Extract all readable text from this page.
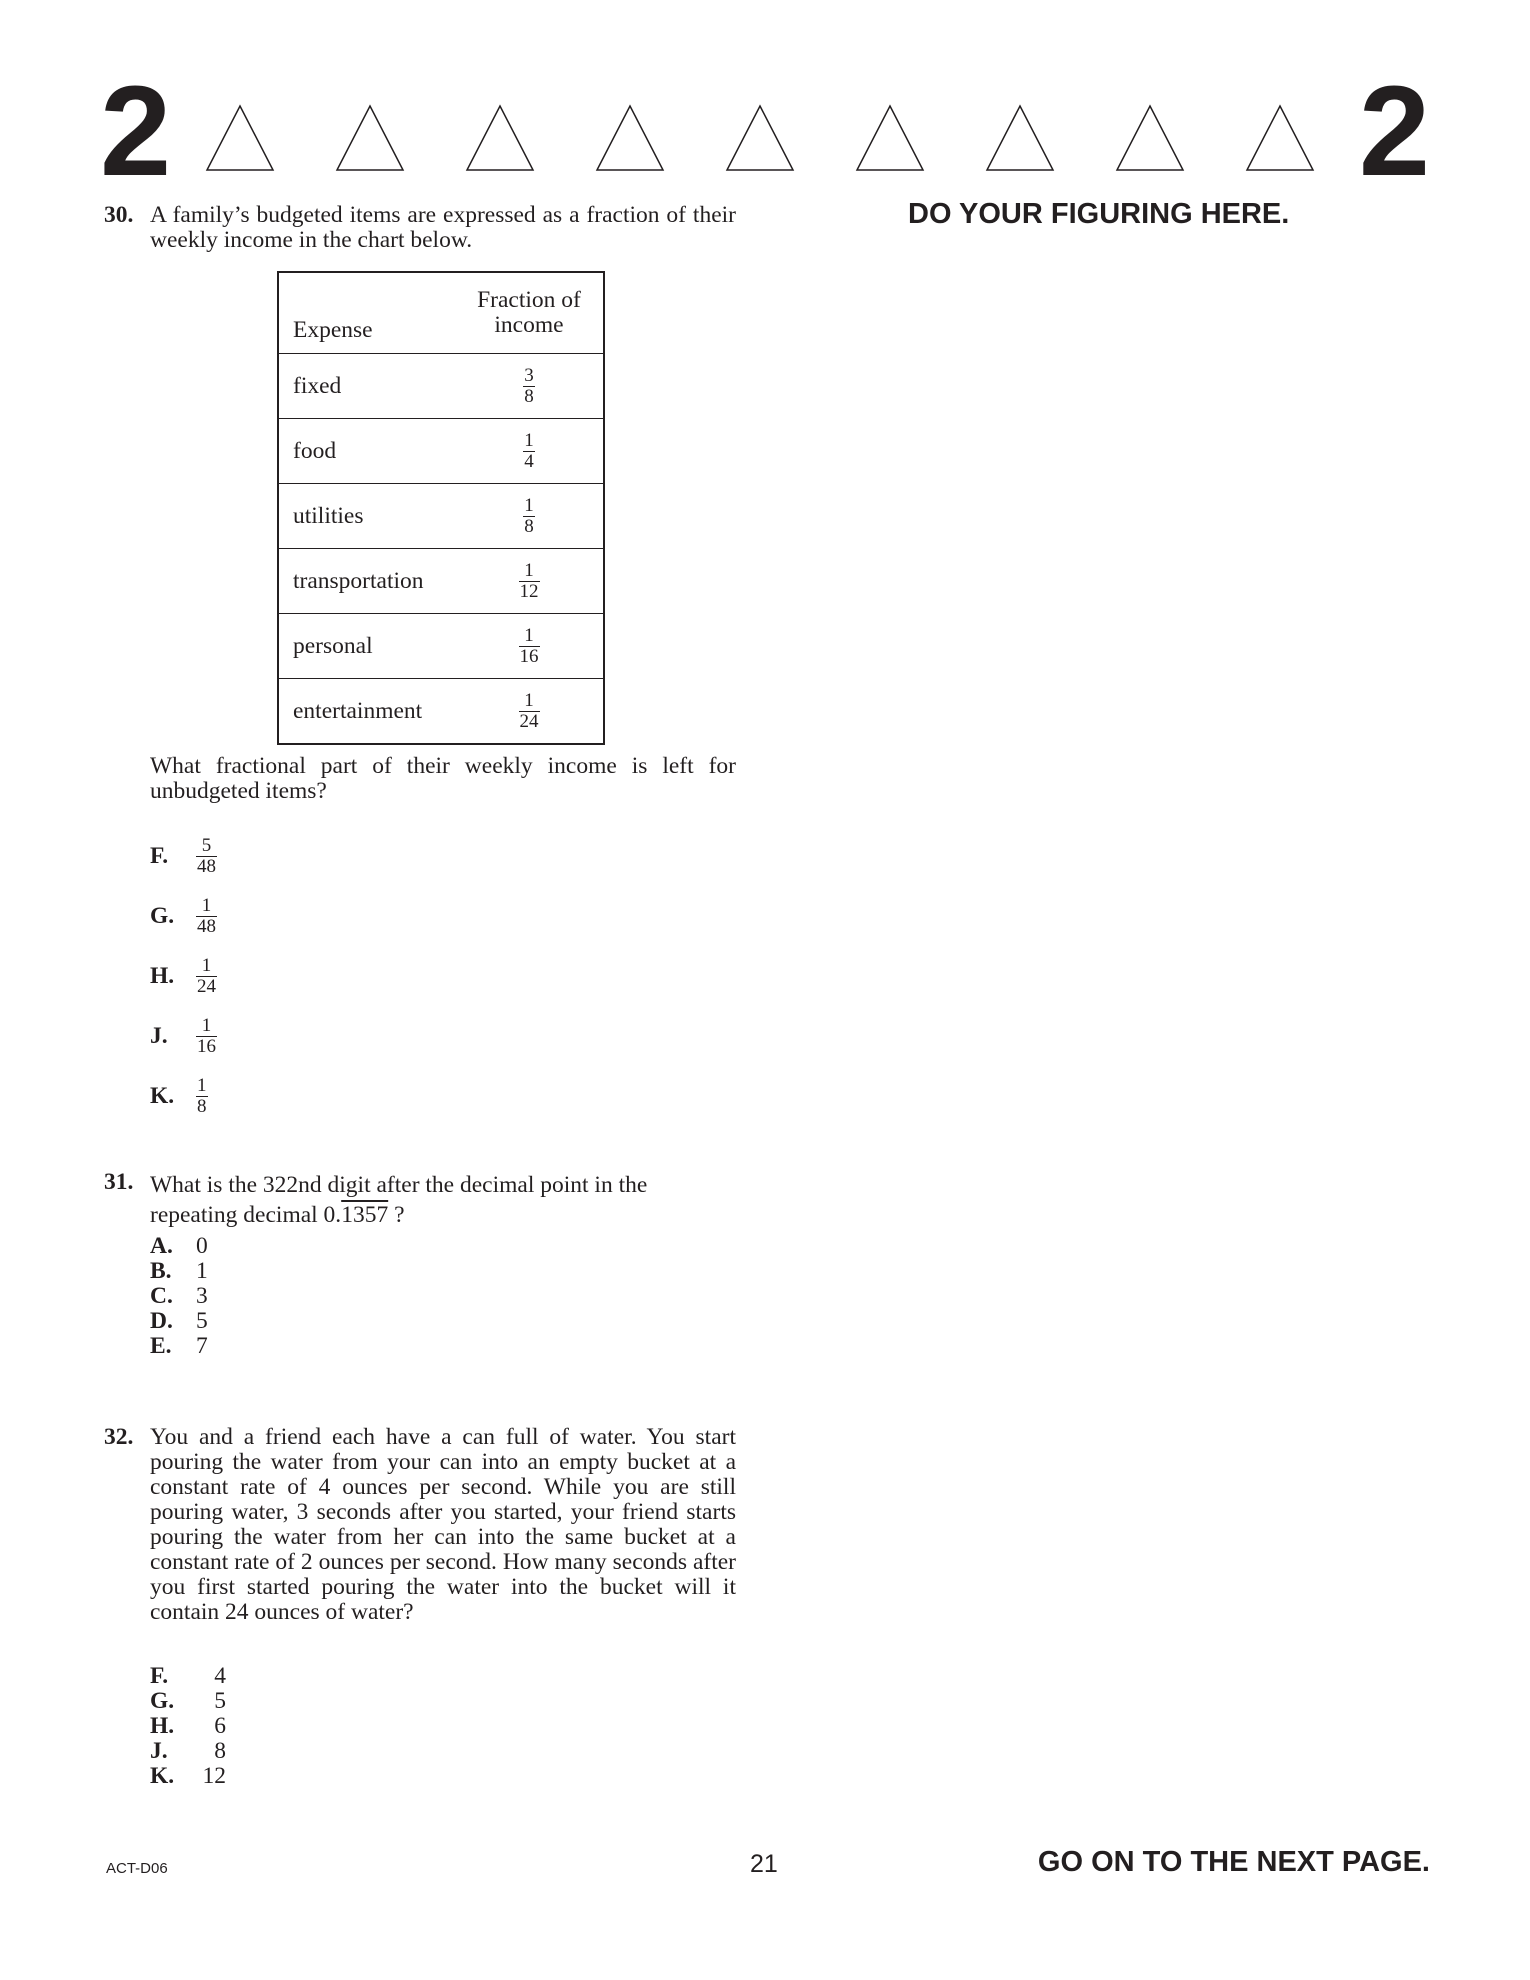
2	2
DO YOUR FIGURING HERE.
30. A family’s budgeted items are expressed as a fraction of their weekly income in the chart below.
Expense	Fraction of
income

fixed	$\frac{3}{8}$

food	$\frac{1}{4}$

utilities	$\frac{1}{8}$

transportation	$\frac{1}{12}$

personal	$\frac{1}{16}$

entertainment	$\frac{1}{24}$
What fractional part of their weekly income is left for unbudgeted items?
F.	$\frac{5}{48}$
G.	$\frac{1}{48}$
H.	$\frac{1}{24}$
J.	$\frac{1}{16}$
K.	$\frac{1}{8}$
31. What is the 322nd digit after the decimal point in the
repeating decimal 0.1357 ?
A. 0
B.	1
C. 3
D. 5
E.	7
32. You and a friend each have a can full of water. You start pouring the water from your can into an empty bucket at a constant rate of 4 ounces per second. While you are still pouring water, 3 seconds after you started, your friend starts pouring the water from her can into the same bucket at a constant rate of 2 ounces per second. How many seconds after you first started pouring the water into the bucket will it contain 24 ounces of water?
F.	4
G.	5
H.	6
J.	8
K.	12
ACT-D06	21	GO ON TO THE NEXT PAGE.
